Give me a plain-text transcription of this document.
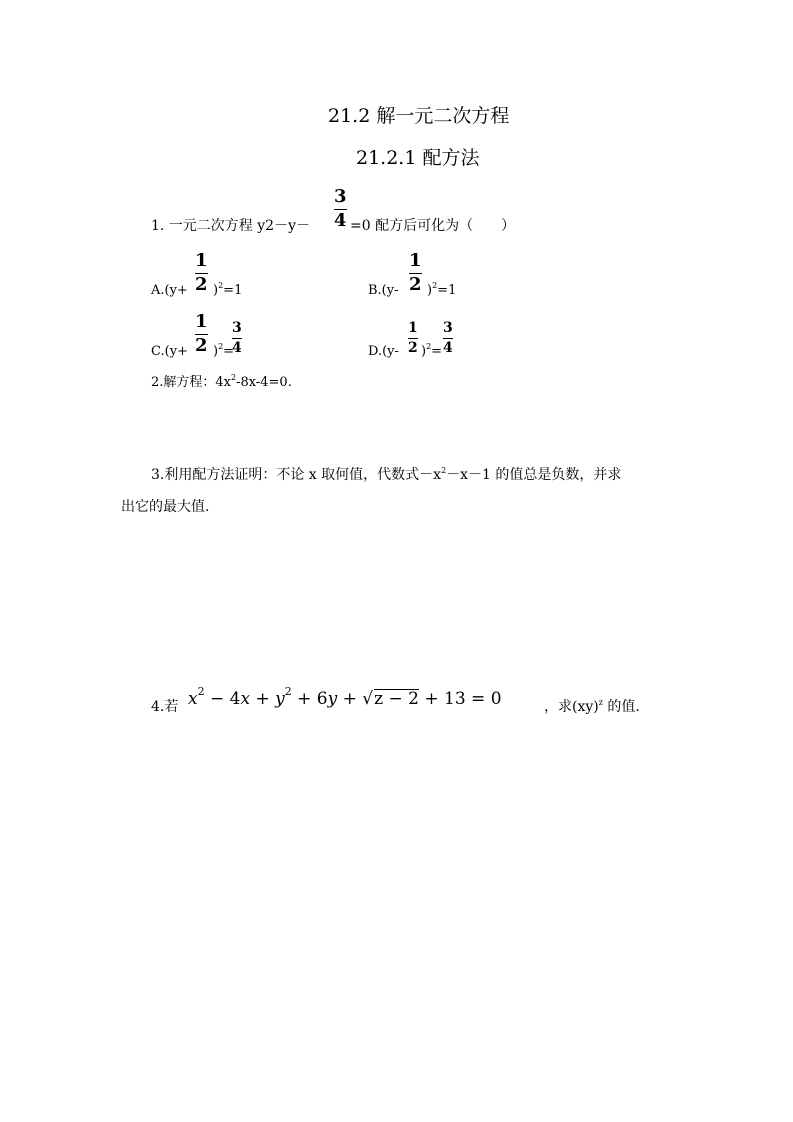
21.2 解一元二次方程
21.2.1 配方法
1. 一元二次方程 y2－y－
3
4 =0 配方后可化为（　　）
A.(y+
1
2 )$^2$=1	B.(y-
1
2 )$^2$=1
C.(y+
1
2 )$^2$=
3
4	D.(y-
1
2 )$^2$=
3
4
2.解方程：$4x^2-8x-4=0$.
3.利用配方法证明：不论 x 取何值，代数式$-x^2-x-1$ 的值总是负数，并求
出它的最大值.
4.若 $x^2 - 4x + y^2 + 6y + √z - 2 + 13 = 0$	，求(xy)$^z$ 的值.
